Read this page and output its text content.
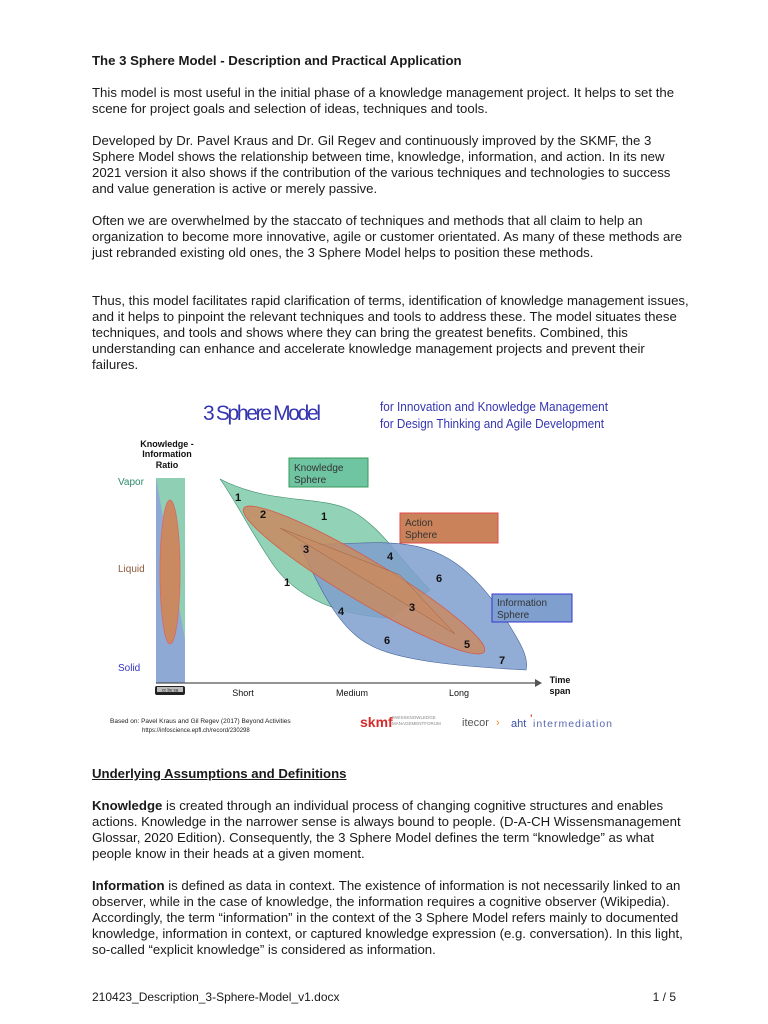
The 3 Sphere Model - Description and Practical Application

This model is most useful in the initial phase of a knowledge management project. It helps to set the scene for project goals and selection of ideas, techniques and tools.

Developed by Dr. Pavel Kraus and Dr. Gil Regev and continuously improved by the SKMF, the 3 Sphere Model shows the relationship between time, knowledge, information, and action. In its new 2021 version it also shows if the contribution of the various techniques and technologies to success and value generation is active or merely passive.

Often we are overwhelmed by the staccato of techniques and methods that all claim to help an organization to become more innovative, agile or customer orientated. As many of these methods are just rebranded existing old ones, the 3 Sphere Model helps to position these methods.

Thus, this model facilitates rapid clarification of terms, identification of knowledge management issues, and it helps to pinpoint the relevant techniques and tools to address these. The model situates these techniques, and tools and shows where they can bring the greatest benefits. Combined, this understanding can enhance and accelerate knowledge management projects and prevent their failures.

3 Sphere Model	for Innovation and Knowledge Management
for Design Thinking and Agile Development
Knowledge -
Information
Ratio
Vapor
Liquid
Solid
Knowledge
Sphere
Action
Sphere
Information
Sphere
1
2	1
3
4
1	6
3
4
6	5
7
Short	Medium	Long
Time
span
cc by sa
Based on: Pavel Kraus and Gil Regev (2017) Beyond Activities
https://infoscience.epfl.ch/record/230298
skmf SWISSKNOWLEDGE
MANAGEMENTFORUM itecor › aht intermediation
’
Underlying Assumptions and Definitions

Knowledge is created through an individual process of changing cognitive structures and enables actions. Knowledge in the narrower sense is always bound to people. (D-A-CH Wissensmanagement Glossar, 2020 Edition). Consequently, the 3 Sphere Model defines the term “knowledge” as what people know in their heads at a given moment.

Information is defined as data in context. The existence of information is not necessarily linked to an observer, while in the case of knowledge, the information requires a cognitive observer (Wikipedia). Accordingly, the term “information” in the context of the 3 Sphere Model refers mainly to documented knowledge, information in context, or captured knowledge expression (e.g. conversation). In this light, so-called “explicit knowledge” is considered as information.

210423_Description_3-Sphere-Model_v1.docx	1 / 5
